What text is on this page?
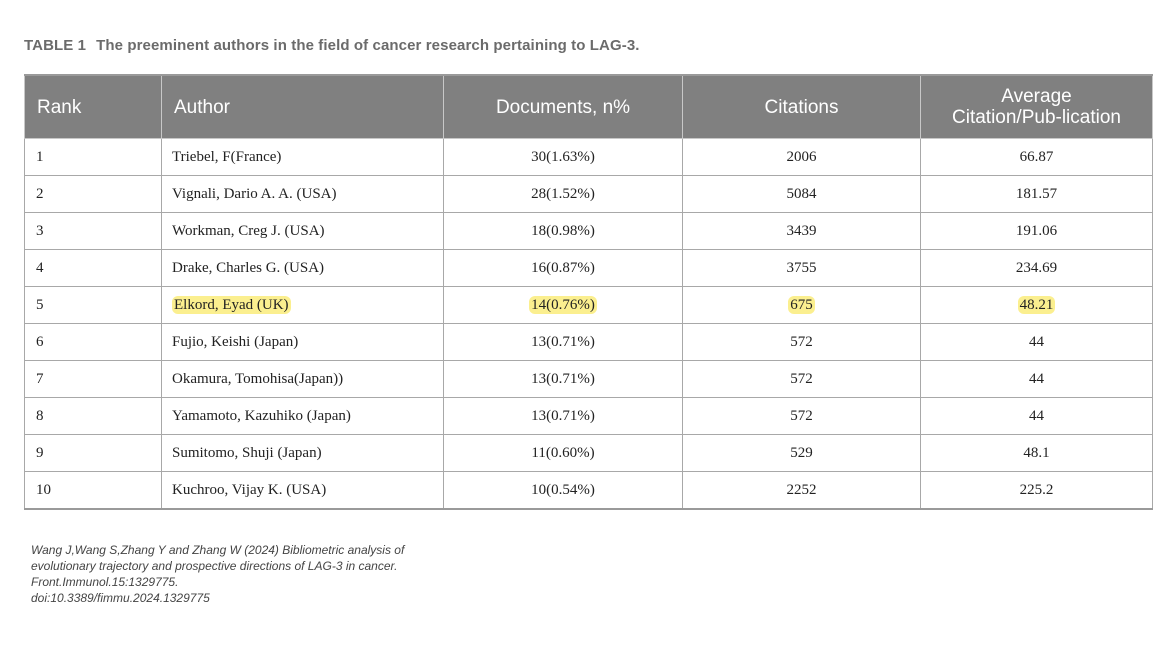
TABLE 1 The preeminent authors in the field of cancer research pertaining to LAG-3.
Rank	Author	Documents, n%	Citations	Average
Citation/Pub-lication
1	Triebel, F(France)	30(1.63%)	2006	66.87
2	Vignali, Dario A. A. (USA)	28(1.52%)	5084	181.57
3	Workman, Creg J. (USA)	18(0.98%)	3439	191.06
4	Drake, Charles G. (USA)	16(0.87%)	3755	234.69
5	Elkord, Eyad (UK)	14(0.76%)	675	48.21
6	Fujio, Keishi (Japan)	13(0.71%)	572	44
7	Okamura, Tomohisa(Japan))	13(0.71%)	572	44
8	Yamamoto, Kazuhiko (Japan)	13(0.71%)	572	44
9	Sumitomo, Shuji (Japan)	11(0.60%)	529	48.1
10	Kuchroo, Vijay K. (USA)	10(0.54%)	2252	225.2
Wang J,Wang S,Zhang Y and Zhang W (2024) Bibliometric analysis of
evolutionary trajectory and prospective directions of LAG-3 in cancer.
Front.Immunol.15:1329775.
doi:10.3389/fimmu.2024.1329775
